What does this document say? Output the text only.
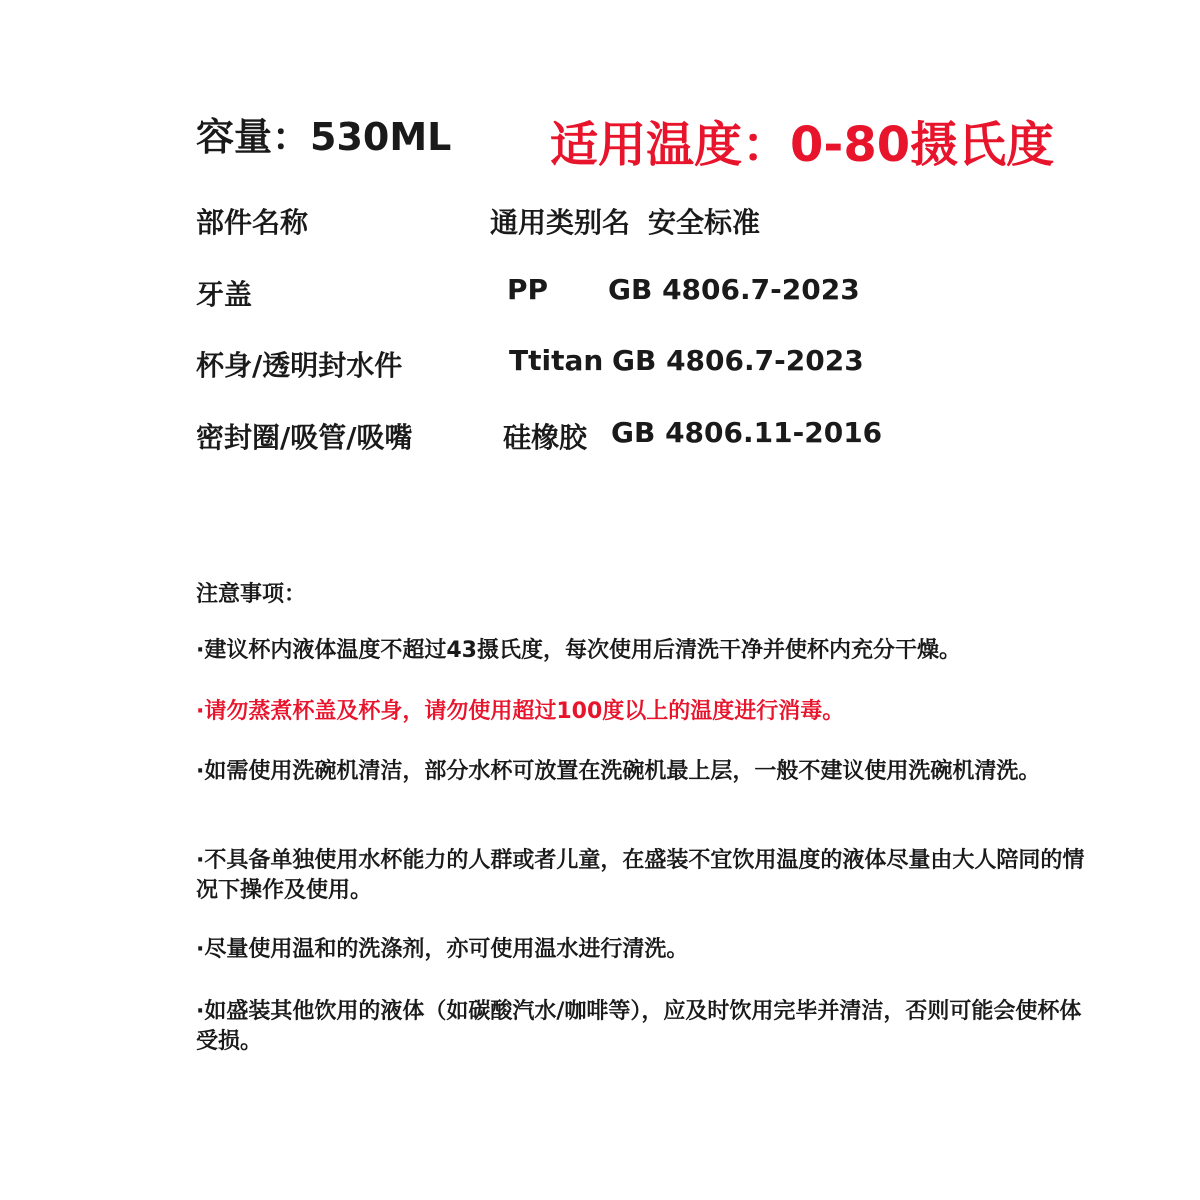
容量：530ML 适用温度：0-80摄氏度
部件名称	通用类别名 安全标准
牙盖	PP GB 4806.7-2023
杯身/透明封水件	Ttitan GB 4806.7-2023
密封圈/吸管/吸嘴	硅橡胶 GB 4806.11-2016
注意事项：
·建议杯内液体温度不超过43摄氏度，每次使用后清洗干净并使杯内充分干燥。
·请勿蒸煮杯盖及杯身，请勿使用超过100度以上的温度进行消毒。
·如需使用洗碗机清洁，部分水杯可放置在洗碗机最上层，一般不建议使用洗碗机清洗。
·不具备单独使用水杯能力的人群或者儿童，在盛装不宜饮用温度的液体尽量由大人陪同的情况下操作及使用。
·尽量使用温和的洗涤剂，亦可使用温水进行清洗。
·如盛装其他饮用的液体（如碳酸汽水/咖啡等），应及时饮用完毕并清洁，否则可能会使杯体受损。
